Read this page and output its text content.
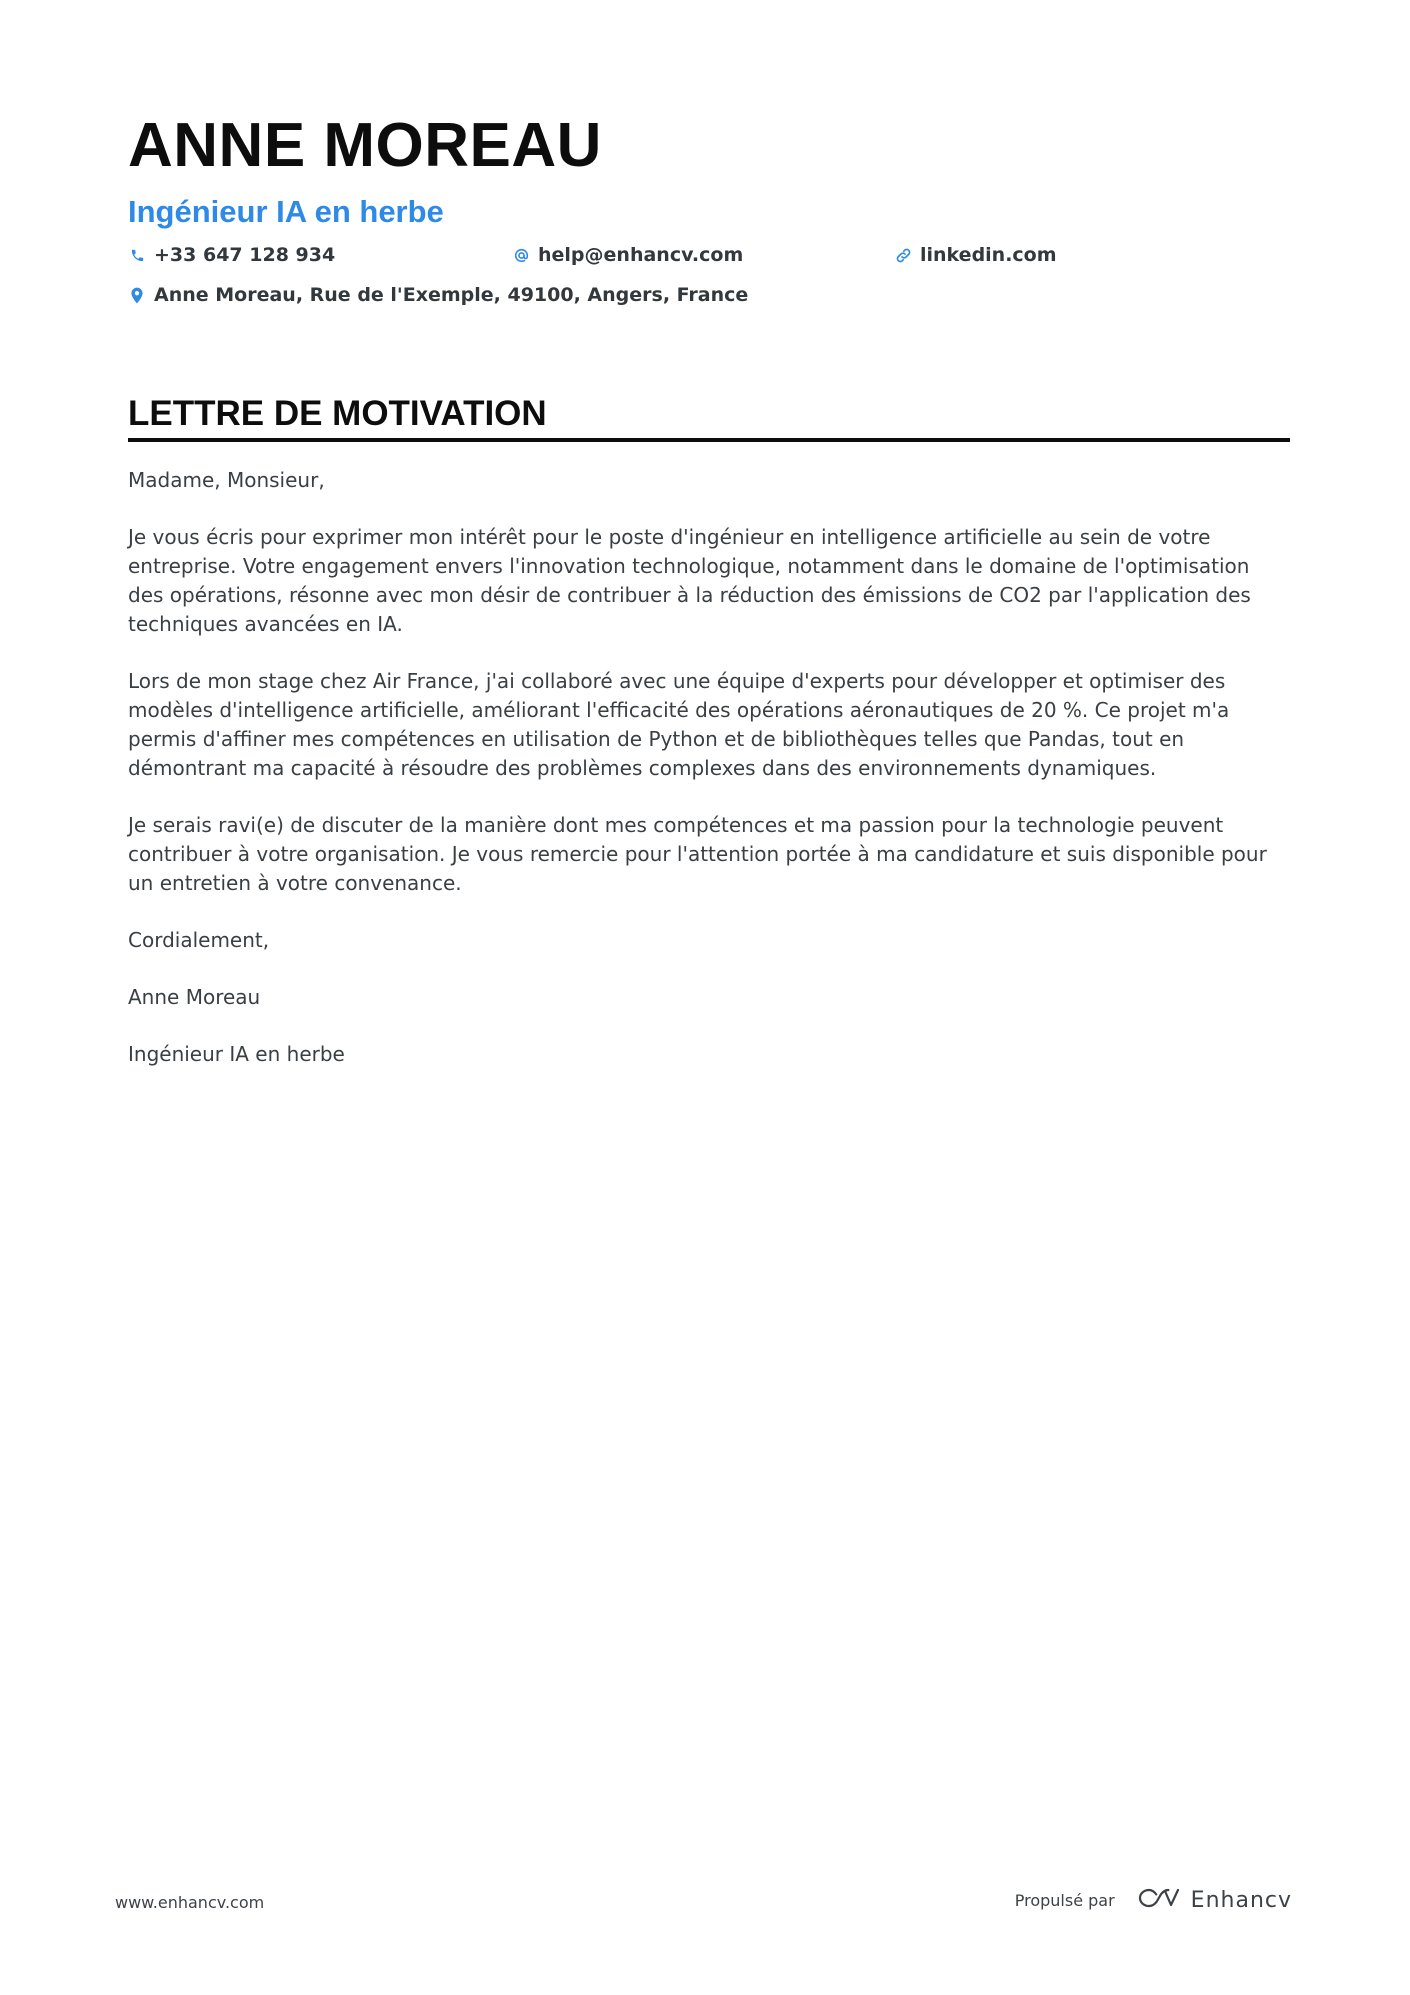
ANNE MOREAU
Ingénieur IA en herbe
+33 647 128 934	help@enhancv.com	linkedin.com
Anne Moreau, Rue de l'Exemple, 49100, Angers, France
LETTRE DE MOTIVATION

Madame, Monsieur,

Je vous écris pour exprimer mon intérêt pour le poste d'ingénieur en intelligence artificielle au sein de votre entreprise. Votre engagement envers l'innovation technologique, notamment dans le domaine de l'optimisation des opérations, résonne avec mon désir de contribuer à la réduction des émissions de CO2 par l'application des techniques avancées en IA.

Lors de mon stage chez Air France, j'ai collaboré avec une équipe d'experts pour développer et optimiser des modèles d'intelligence artificielle, améliorant l'efficacité des opérations aéronautiques de 20 %. Ce projet m'a permis d'affiner mes compétences en utilisation de Python et de bibliothèques telles que Pandas, tout en démontrant ma capacité à résoudre des problèmes complexes dans des environnements dynamiques.

Je serais ravi(e) de discuter de la manière dont mes compétences et ma passion pour la technologie peuvent contribuer à votre organisation. Je vous remercie pour l'attention portée à ma candidature et suis disponible pour un entretien à votre convenance.

Cordialement,

Anne Moreau

Ingénieur IA en herbe

www.enhancv.com	Propulsé par	Enhancv
